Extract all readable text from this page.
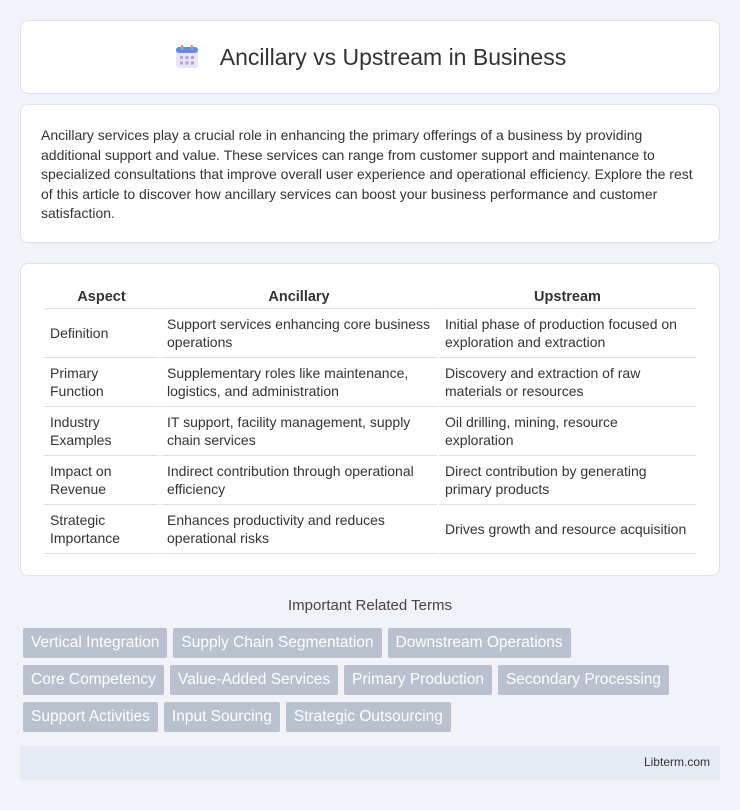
Ancillary vs Upstream in Business

Ancillary services play a crucial role in enhancing the primary offerings of a business by providing additional support and value. These services can range from customer support and maintenance to specialized consultations that improve overall user experience and operational efficiency. Explore the rest of this article to discover how ancillary services can boost your business performance and customer satisfaction.

Aspect	Ancillary	Upstream
Definition	Support services enhancing core business operations	Initial phase of production focused on exploration and extraction
Primary Function	Supplementary roles like maintenance, logistics, and administration	Discovery and extraction of raw materials or resources
Industry Examples	IT support, facility management, supply chain services	Oil drilling, mining, resource exploration
Impact on Revenue	Indirect contribution through operational efficiency	Direct contribution by generating primary products
Strategic Importance	Enhances productivity and reduces operational risks	Drives growth and resource acquisition
Important Related Terms
Vertical Integration	Supply Chain Segmentation	Downstream Operations
Core Competency	Value-Added Services	Primary Production	Secondary Processing
Support Activities	Input Sourcing	Strategic Outsourcing
Libterm.com
